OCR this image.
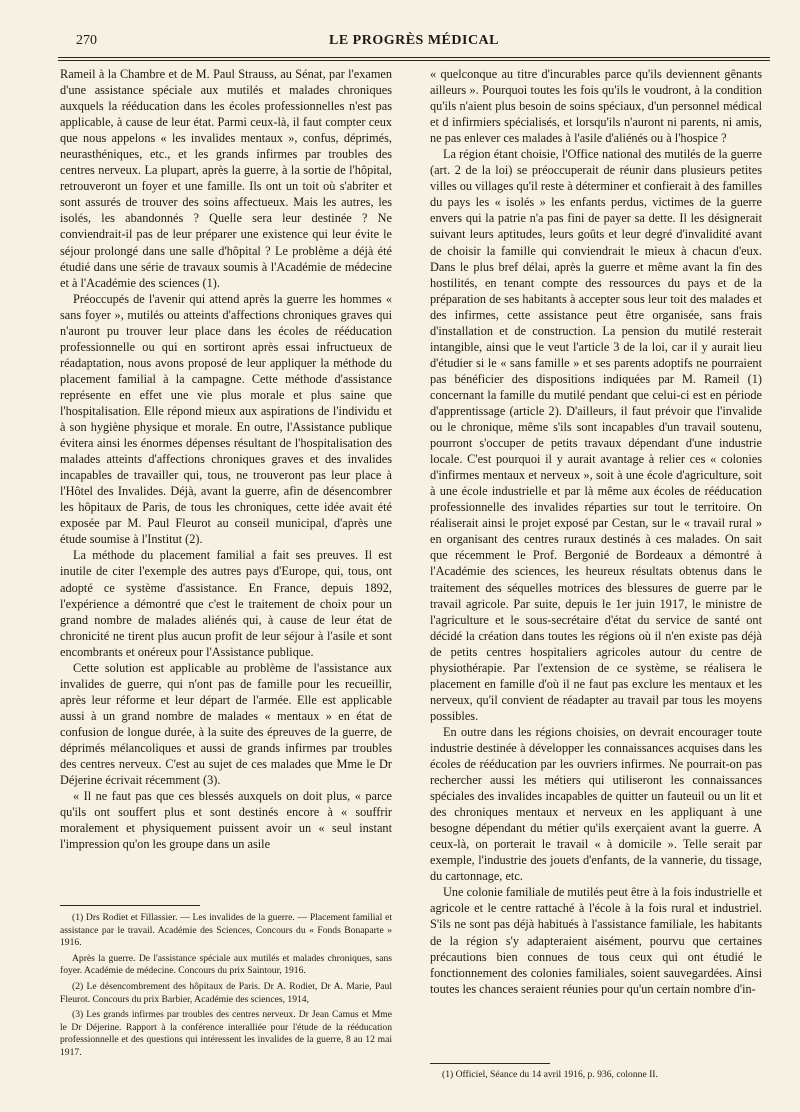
270	LE PROGRÈS MÉDICAL

Rameil à la Chambre et de M. Paul Strauss, au Sénat, par l'examen d'une assistance spéciale aux mutilés et malades chroniques auxquels la rééducation dans les écoles professionnelles n'est pas applicable, à cause de leur état. Parmi ceux-là, il faut compter ceux que nous appelons « les invalides mentaux », confus, déprimés, neurasthéniques, etc., et les grands infirmes par troubles des centres nerveux. La plupart, après la guerre, à la sortie de l'hôpital, retrouveront un foyer et une famille. Ils ont un toit où s'abriter et sont assurés de trouver des soins affectueux. Mais les autres, les isolés, les abandonnés ? Quelle sera leur destinée ? Ne conviendrait-il pas de leur préparer une existence qui leur évite le séjour prolongé dans une salle d'hôpital ? Le problème a déjà été étudié dans une série de travaux soumis à l'Académie de médecine et à l'Académie des sciences (1).

Préoccupés de l'avenir qui attend après la guerre les hommes « sans foyer », mutilés ou atteints d'affections chroniques graves qui n'auront pu trouver leur place dans les écoles de rééducation professionnelle ou qui en sortiront après essai infructueux de réadaptation, nous avons proposé de leur appliquer la méthode du placement familial à la campagne. Cette méthode d'assistance représente en effet une vie plus morale et plus saine que l'hospitalisation. Elle répond mieux aux aspirations de l'individu et à son hygiène physique et morale. En outre, l'Assistance publique évitera ainsi les énormes dépenses résultant de l'hospitalisation des malades atteints d'affections chroniques graves et des invalides incapables de travailler qui, tous, ne trouveront pas leur place à l'Hôtel des Invalides. Déjà, avant la guerre, afin de désencombrer les hôpitaux de Paris, de tous les chroniques, cette idée avait été exposée par M. Paul Fleurot au conseil municipal, d'après une étude soumise à l'Institut (2).

La méthode du placement familial a fait ses preuves. Il est inutile de citer l'exemple des autres pays d'Europe, qui, tous, ont adopté ce système d'assistance. En France, depuis 1892, l'expérience a démontré que c'est le traitement de choix pour un grand nombre de malades aliénés qui, à cause de leur état de chronicité ne tirent plus aucun profit de leur séjour à l'asile et sont encombrants et onéreux pour l'Assistance publique.

Cette solution est applicable au problème de l'assistance aux invalides de guerre, qui n'ont pas de famille pour les recueillir, après leur réforme et leur départ de l'armée. Elle est applicable aussi à un grand nombre de malades « mentaux » en état de confusion de longue durée, à la suite des épreuves de la guerre, de déprimés mélancoliques et aussi de grands infirmes par troubles des centres nerveux. C'est au sujet de ces malades que Mme le Dr Déjerine écrivait récemment (3).

« Il ne faut pas que ces blessés auxquels on doit plus, « parce qu'ils ont souffert plus et sont destinés encore à « souffrir moralement et physiquement puissent avoir un « seul instant l'impression qu'on les groupe dans un asile

« quelconque au titre d'incurables parce qu'ils deviennent gênants ailleurs ». Pourquoi toutes les fois qu'ils le voudront, à la condition qu'ils n'aient plus besoin de soins spéciaux, d'un personnel médical et d infirmiers spécialisés, et lorsqu'ils n'auront ni parents, ni amis, ne pas enlever ces malades à l'asile d'aliénés ou à l'hospice ?

La région étant choisie, l'Office national des mutilés de la guerre (art. 2 de la loi) se préoccuperait de réunir dans plusieurs petites villes ou villages qu'il reste à déterminer et confierait à des familles du pays les « isolés » les enfants perdus, victimes de la guerre envers qui la patrie n'a pas fini de payer sa dette. Il les désignerait suivant leurs aptitudes, leurs goûts et leur degré d'invalidité avant de choisir la famille qui conviendrait le mieux à chacun d'eux. Dans le plus bref délai, après la guerre et même avant la fin des hostilités, en tenant compte des ressources du pays et de la préparation de ses habitants à accepter sous leur toit des malades et des infirmes, cette assistance peut être organisée, sans frais d'installation et de construction. La pension du mutilé resterait intangible, ainsi que le veut l'article 3 de la loi, car il y aurait lieu d'étudier si le « sans famille » et ses parents adoptifs ne pourraient pas bénéficier des dispositions indiquées par M. Rameil (1) concernant la famille du mutilé pendant que celui-ci est en période d'apprentissage (article 2). D'ailleurs, il faut prévoir que l'invalide ou le chronique, même s'ils sont incapables d'un travail soutenu, pourront s'occuper de petits travaux dépendant d'une industrie locale. C'est pourquoi il y aurait avantage à relier ces « colonies d'infirmes mentaux et nerveux », soit à une école d'agriculture, soit à une école industrielle et par là même aux écoles de rééducation professionnelle des invalides réparties sur tout le territoire. On réaliserait ainsi le projet exposé par Cestan, sur le « travail rural » en organisant des centres ruraux destinés à ces malades. On sait que récemment le Prof. Bergonié de Bordeaux a démontré à l'Académie des sciences, les heureux résultats obtenus dans le traitement des séquelles motrices des blessures de guerre par le travail agricole. Par suite, depuis le 1er juin 1917, le ministre de l'agriculture et le sous-secrétaire d'état du service de santé ont décidé la création dans toutes les régions où il n'en existe pas déjà de petits centres hospitaliers agricoles autour du centre de physiothérapie. Par l'extension de ce système, se réalisera le placement en famille d'où il ne faut pas exclure les mentaux et les nerveux, qu'il convient de réadapter au travail par tous les moyens possibles.

En outre dans les régions choisies, on devrait encourager toute industrie destinée à développer les connaissances acquises dans les écoles de rééducation par les ouvriers infirmes. Ne pourrait-on pas rechercher aussi les métiers qui utiliseront les connaissances spéciales des invalides incapables de quitter un fauteuil ou un lit et des chroniques mentaux et nerveux en les appliquant à une besogne dépendant du métier qu'ils exerçaient avant la guerre. A ceux-là, on porterait le travail « à domicile ». Telle serait par exemple, l'industrie des jouets d'enfants, de la vannerie, du tissage, du cartonnage, etc.

Une colonie familiale de mutilés peut être à la fois industrielle et agricole et le centre rattaché à l'école à la fois rural et industriel. S'ils ne sont pas déjà habitués à l'assistance familiale, les habitants de la région s'y adapteraient aisément, pourvu que certaines précautions bien connues de tous ceux qui ont étudié le fonctionnement des colonies familiales, soient sauvegardées. Ainsi toutes les chances seraient réunies pour qu'un certain nombre d'in-

(1) Drs Rodiet et Fillassier. — Les invalides de la guerre. — Placement familial et assistance par le travail. Académie des Sciences, Concours du « Fonds Bonaparte » 1916.

Après la guerre. De l'assistance spéciale aux mutilés et malades chroniques, sans foyer. Académie de médecine. Concours du prix Saintour, 1916.

(2) Le désencombrement des hôpitaux de Paris. Dr A. Rodiet, Dr A. Marie, Paul Fleurot. Concours du prix Barbier, Académie des sciences, 1914,

(3) Les grands infirmes par troubles des centres nerveux. Dr Jean Camus et Mme le Dr Déjerine. Rapport à la conférence interalliée pour l'étude de la rééducation professionnelle et des questions qui intéressent les invalides de la guerre, 8 au 12 mai 1917.

(1) Officiel, Séance du 14 avril 1916, p. 936, colonne II.
